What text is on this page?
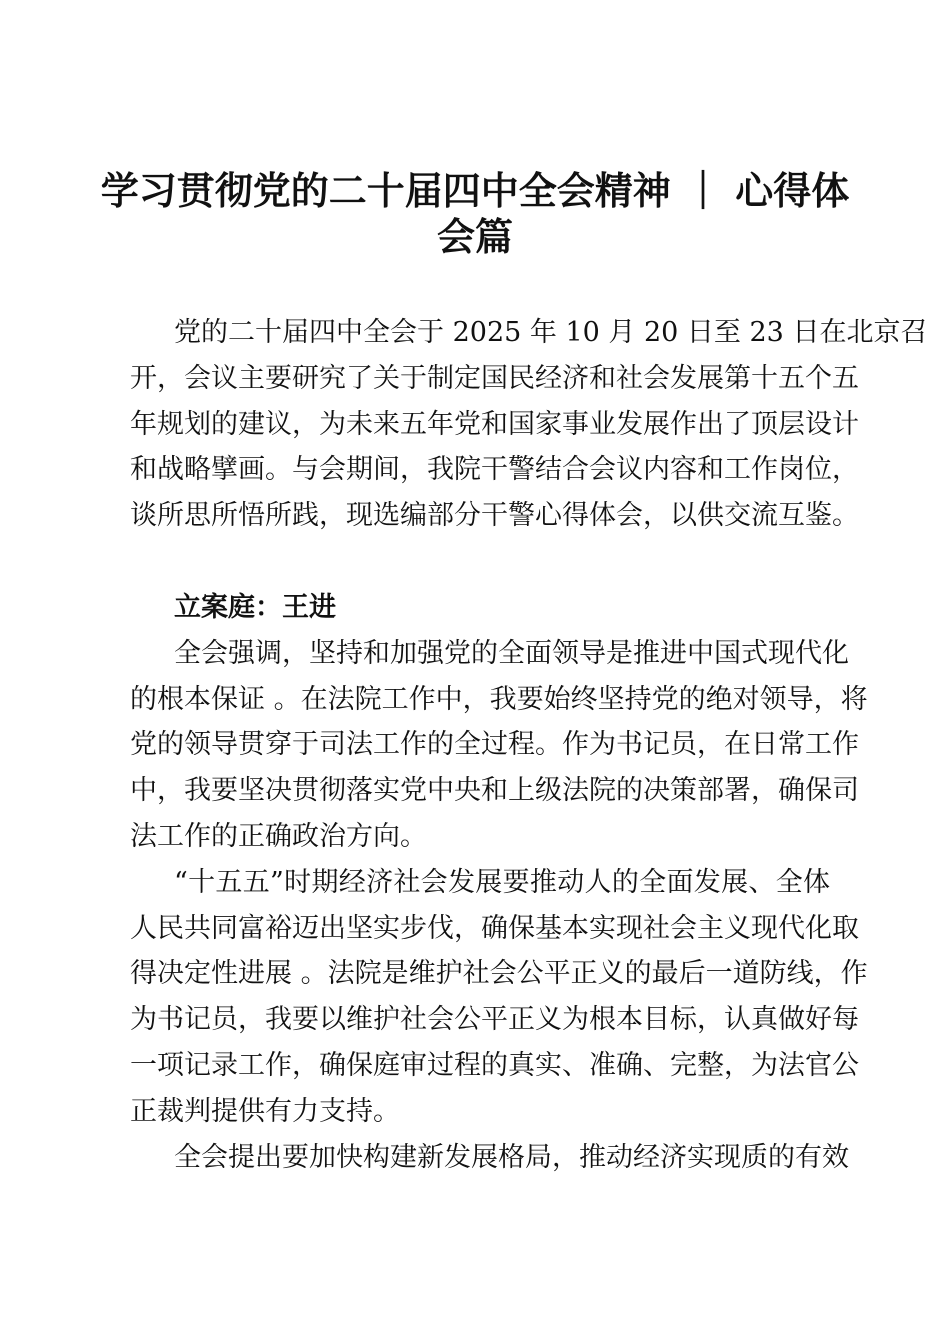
学习贯彻党的二十届四中全会精神 ｜ 心得体
会篇
党的二十届四中全会于 2025 年 10 月 20 日至 23 日在北京召
开，会议主要研究了关于制定国民经济和社会发展第十五个五
年规划的建议，为未来五年党和国家事业发展作出了顶层设计
和战略擘画。与会期间，我院干警结合会议内容和工作岗位，
谈所思所悟所践，现选编部分干警心得体会，以供交流互鉴。
立案庭：王进
全会强调，坚持和加强党的全面领导是推进中国式现代化
的根本保证 。在法院工作中，我要始终坚持党的绝对领导，将
党的领导贯穿于司法工作的全过程。作为书记员，在日常工作
中，我要坚决贯彻落实党中央和上级法院的决策部署，确保司
法工作的正确政治方向。
“十五五”时期经济社会发展要推动人的全面发展、全体
人民共同富裕迈出坚实步伐，确保基本实现社会主义现代化取
得决定性进展 。法院是维护社会公平正义的最后一道防线，作
为书记员，我要以维护社会公平正义为根本目标，认真做好每
一项记录工作，确保庭审过程的真实、准确、完整，为法官公
正裁判提供有力支持。
全会提出要加快构建新发展格局，推动经济实现质的有效
